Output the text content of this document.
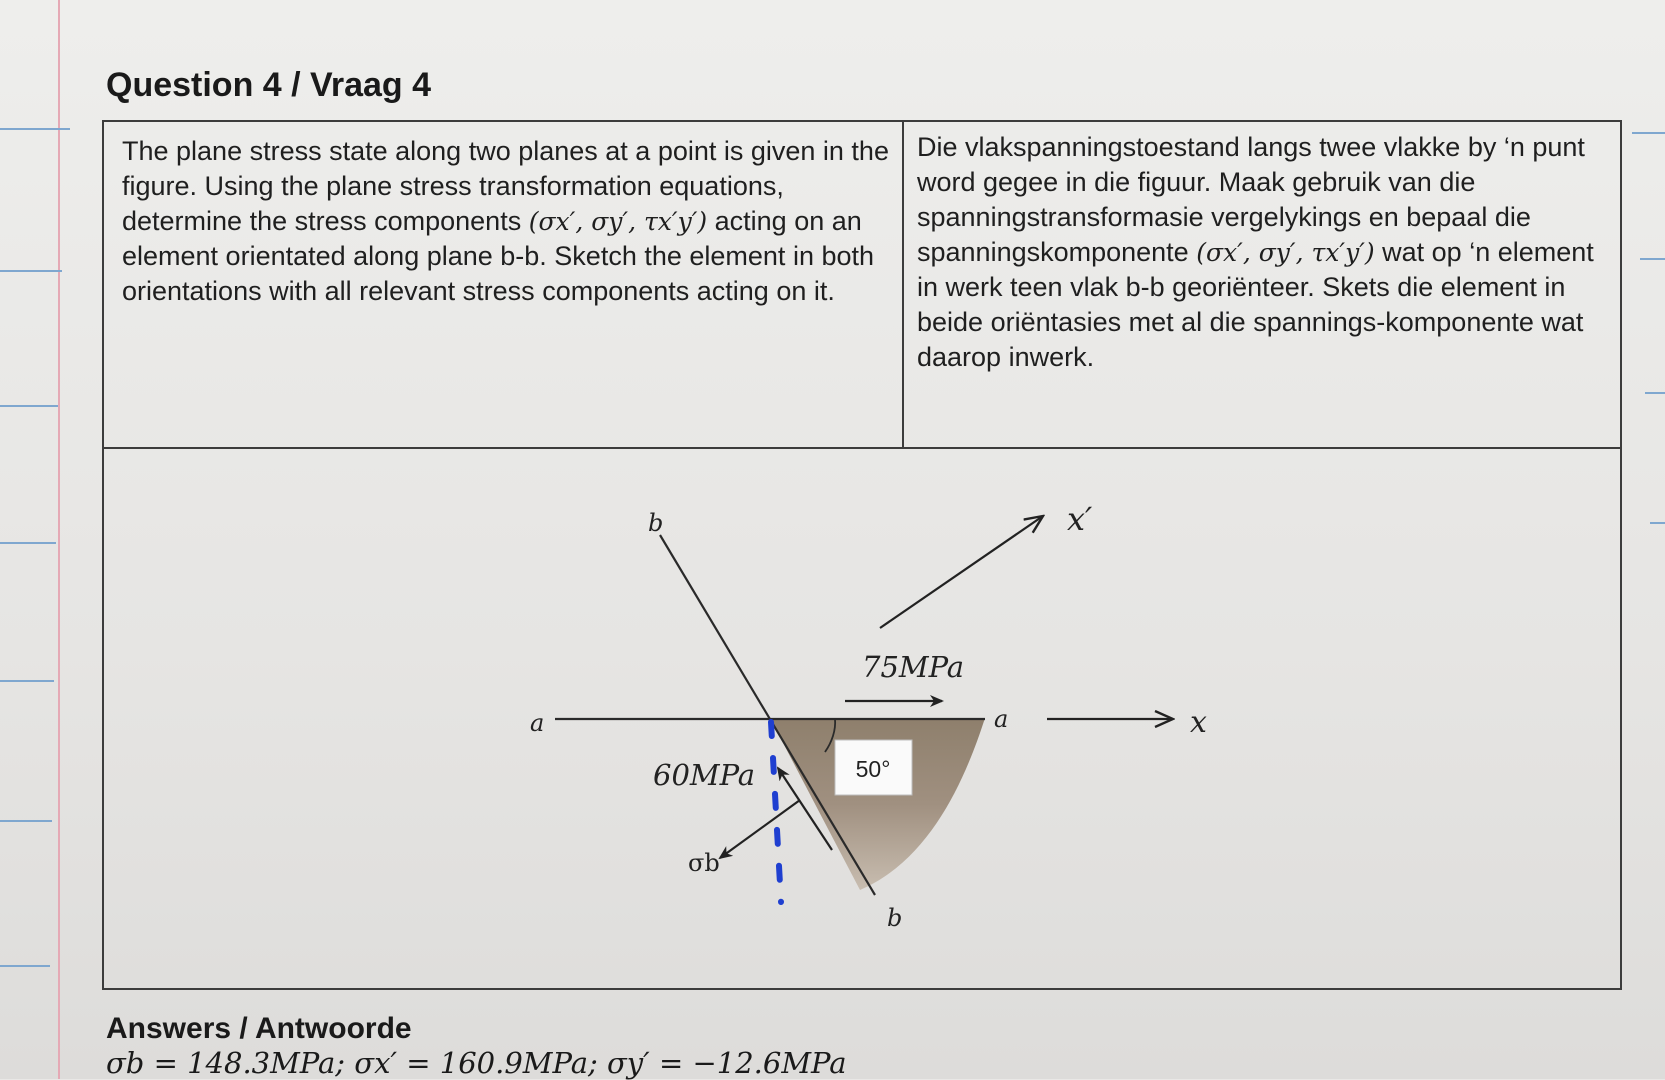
Question 4 / Vraag 4

The plane stress state along two planes at a point is given in the figure. Using the plane stress transformation equations, determine the stress components (σx′, σy′, τx′y′) acting on an element orientated along plane b-b. Sketch the element in both orientations with all relevant stress components acting on it.

Die vlakspanningstoestand langs twee vlakke by ‘n punt word gegee in die figuur. Maak gebruik van die spanningstransformasie vergelykings en bepaal die spanningskomponente (σx′, σy′, τx′y′) wat op ‘n element in werk teen vlak b-b georiënteer. Skets die element in beide oriëntasies met al die spannings-komponente wat daarop inwerk.

50°
b
b
a	a	x
x′
75MPa
60MPa
σb
Answers / Antwoorde

σb = 148.3MPa; σx′ = 160.9MPa; σy′ = −12.6MPa
